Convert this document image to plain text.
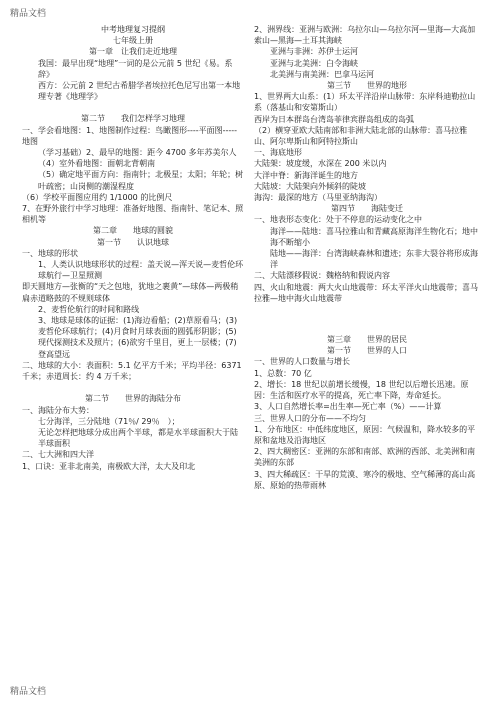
精品文档

中考地理复习提纲

七年级上册

第一章　让我们走近地理

我国：最早出现“地理”一词的是公元前 5 世纪《易。系辞》

西方：公元前 2 世纪古希腊学者埃拉托色尼写出第一本地理专著《地理学》

第二节　　我们怎样学习地理

一、学会看地图：1、地图制作过程：鸟瞰图形----平面图-----地图

（学习基础）2、最早的地图：距今 4700 多年苏美尔人

（4）室外看地图：面朝北背朝南

（5）确定地平面方向：指南针；北极星；太阳；年轮；树叶疏密；山岗侧的潮湿程度

（6）学校平面图应用约 1/1000 的比例尺

7、在野外旅行中学习地理：准备好地图、指南针、笔记本、照相机等

第二章　　地球的圆貌

第一节　　认识地球

一、地球的形状

1、人类认识地球形状的过程：盖天说—浑天说—麦哲伦环球航行—卫星照测

即天圆地方—张衡的“天之包地，犹地之裹黄”—球体—两极稍扁赤道略鼓的不规则球体

2、麦哲伦航行的时间和路线

3、地球是球体的证据：(1)海边看船；(2)草原看马；(3)麦哲伦环球航行；(4)月食时月球表面的圆弧形阴影；(5)现代探测技术及照片；(6)欲穷千里目，更上一层楼；(7)登高望远

二、地球的大小：表面积：5.1 亿平方千米；平均半径：6371 千米；赤道周长：约 4 万千米；

第二节　　世界的海陆分布

一、海陆分布大势：

七分海洋，三分陆地（71％/ 29％　）；

无论怎样把地球分成出两个半球，都是水半球面积大于陆半球面积

二、七大洲和四大洋

1、口诀：亚非北南美，南极欧大洋，太大及印北

2、洲界线：亚洲与欧洲：乌拉尔山—乌拉尔河—里海—大高加索山—黑海—土耳其海峡

亚洲与非洲：苏伊士运河

亚洲与北美洲：白令海峡

北美洲与南美洲：巴拿马运河

第三节　　世界的地形

1、世界两大山系：(1）环太平洋沿岸山脉带：东岸科迪勒拉山系（落基山和安第斯山）

西岸为日本群岛台湾岛菲律宾群岛组成的岛弧

（2）横穿亚欧大陆南部和非洲大陆北部的山脉带：喜马拉雅山、阿尔卑斯山和阿特拉斯山

一、海底地形

大陆架：坡度缓，水深在 200 米以内

大洋中脊：新海洋诞生的地方

大陆坡：大陆架向外倾斜的陡坡

海沟：最深的地方（马里亚纳海沟）

第四节　　海陆变迁

一、地表形态变化：处于不停息的运动变化之中

海洋——陆地：喜马拉雅山和青藏高原海洋生物化石；地中海不断缩小

陆地——海洋：台湾海峡森林和遗迹；东非大裂谷将形成海洋

二、大陆漂移假说：魏格纳和假说内容

四、火山和地震：两大火山地震带：环太平洋火山地震带；喜马拉雅—地中海火山地震带

第三章　　世界的居民

第一节　　世界的人口

一、世界的人口数量与增长

1、总数：70 亿

2、增长：18 世纪以前增长缓慢，18 世纪以后增长迅速。原因：生活和医疗水平的提高，死亡率下降，寿命延长。

3、人口自然增长率=出生率—死亡率（%）——计算

三、世界人口的分布——不均匀

1、分布地区：中低纬度地区，原因：气候温和，降水较多的平原和盆地及沿海地区

2、四大稠密区：亚洲的东部和南部、欧洲的西部、北美洲和南美洲的东部

3、四大稀疏区：干旱的荒漠、寒冷的极地、空气稀薄的高山高原、原始的热带雨林

精品文档
